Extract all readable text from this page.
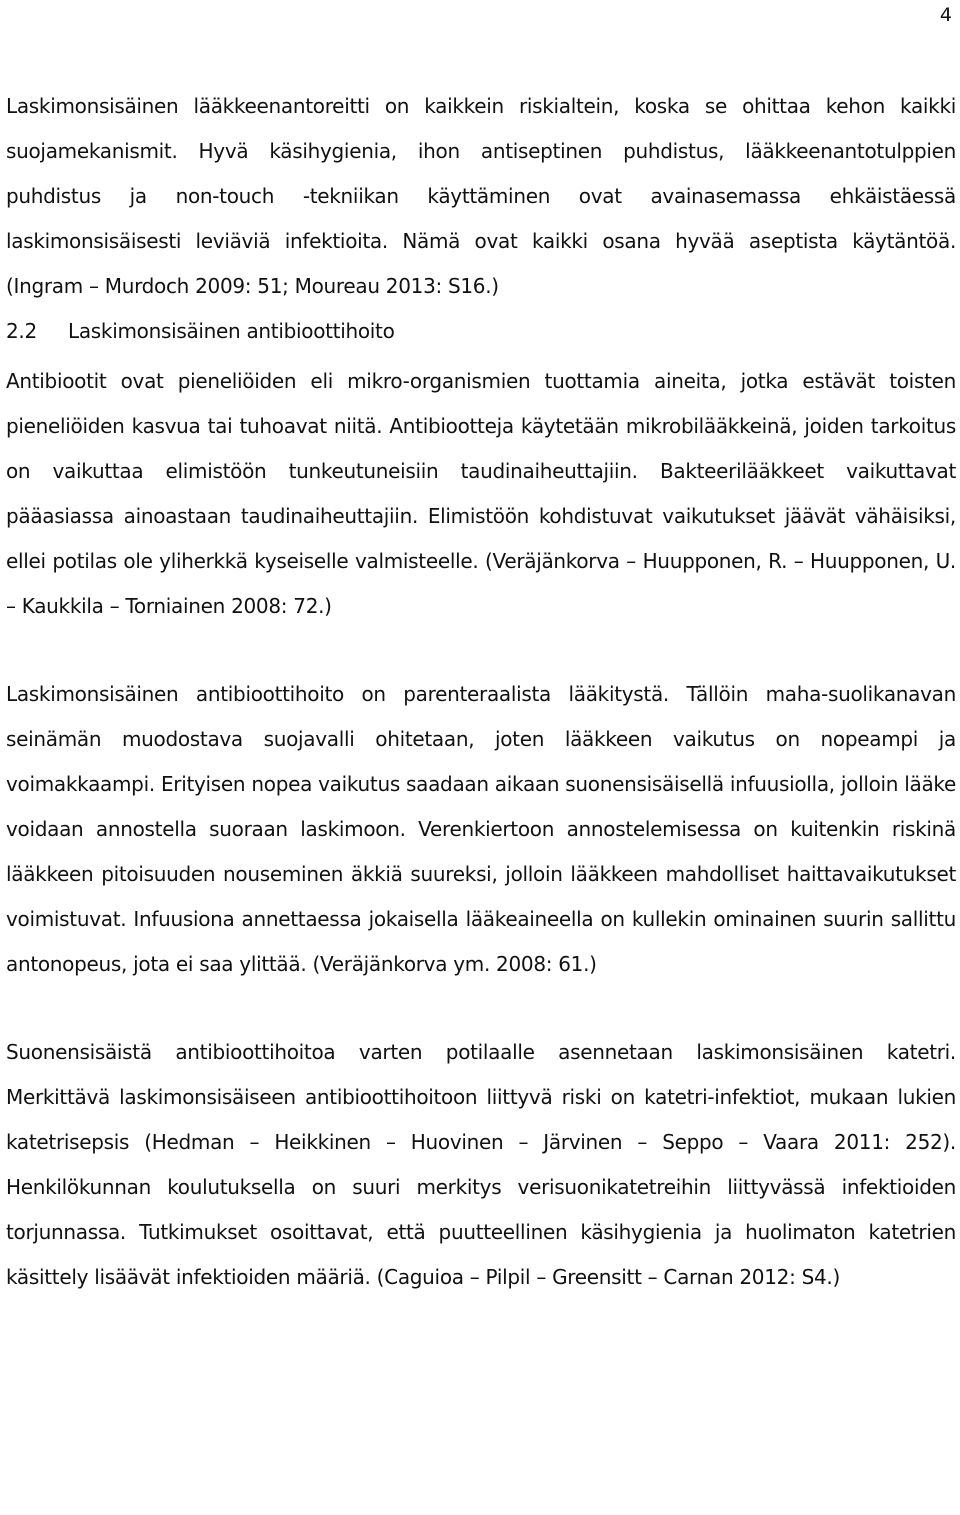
4

Laskimonsisäinen lääkkeenantoreitti on kaikkein riskialtein, koska se ohittaa kehon kaikki suojamekanismit. Hyvä käsihygienia, ihon antiseptinen puhdistus, lääkkeenantotulppien puhdistus ja non-touch -tekniikan käyttäminen ovat avainasemassa ehkäistäessä laskimonsisäisesti leviäviä infektioita. Nämä ovat kaikki osana hyvää aseptista käytäntöä. (Ingram – Murdoch 2009: 51; Moureau 2013: S16.)

2.2 Laskimonsisäinen antibioottihoito

Antibiootit ovat pieneliöiden eli mikro-organismien tuottamia aineita, jotka estävät toisten pieneliöiden kasvua tai tuhoavat niitä. Antibiootteja käytetään mikrobilääkkeinä, joiden tarkoitus on vaikuttaa elimistöön tunkeutuneisiin taudinaiheuttajiin. Bakteerilääkkeet vaikuttavat pääasiassa ainoastaan taudinaiheuttajiin. Elimistöön kohdistuvat vaikutukset jäävät vähäisiksi, ellei potilas ole yliherkkä kyseiselle valmisteelle. (Veräjänkorva – Huupponen, R. – Huupponen, U. – Kaukkila – Torniainen 2008: 72.)

Laskimonsisäinen antibioottihoito on parenteraalista lääkitystä. Tällöin maha-suolikanavan seinämän muodostava suojavalli ohitetaan, joten lääkkeen vaikutus on nopeampi ja voimakkaampi. Erityisen nopea vaikutus saadaan aikaan suonensisäisellä infuusiolla, jolloin lääke voidaan annostella suoraan laskimoon. Verenkiertoon annostelemisessa on kuitenkin riskinä lääkkeen pitoisuuden nouseminen äkkiä suureksi, jolloin lääkkeen mahdolliset haittavaikutukset voimistuvat. Infuusiona annettaessa jokaisella lääkeaineella on kullekin ominainen suurin sallittu antonopeus, jota ei saa ylittää. (Veräjänkorva ym. 2008: 61.)

Suonensisäistä antibioottihoitoa varten potilaalle asennetaan laskimonsisäinen katetri. Merkittävä laskimonsisäiseen antibioottihoitoon liittyvä riski on katetri-infektiot, mukaan lukien katetrisepsis (Hedman – Heikkinen – Huovinen – Järvinen – Seppo – Vaara 2011: 252). Henkilökunnan koulutuksella on suuri merkitys verisuonikatetreihin liittyvässä infektioiden torjunnassa. Tutkimukset osoittavat, että puutteellinen käsihygienia ja huolimaton katetrien käsittely lisäävät infektioiden määriä. (Caguioa – Pilpil – Greensitt – Carnan 2012: S4.)
